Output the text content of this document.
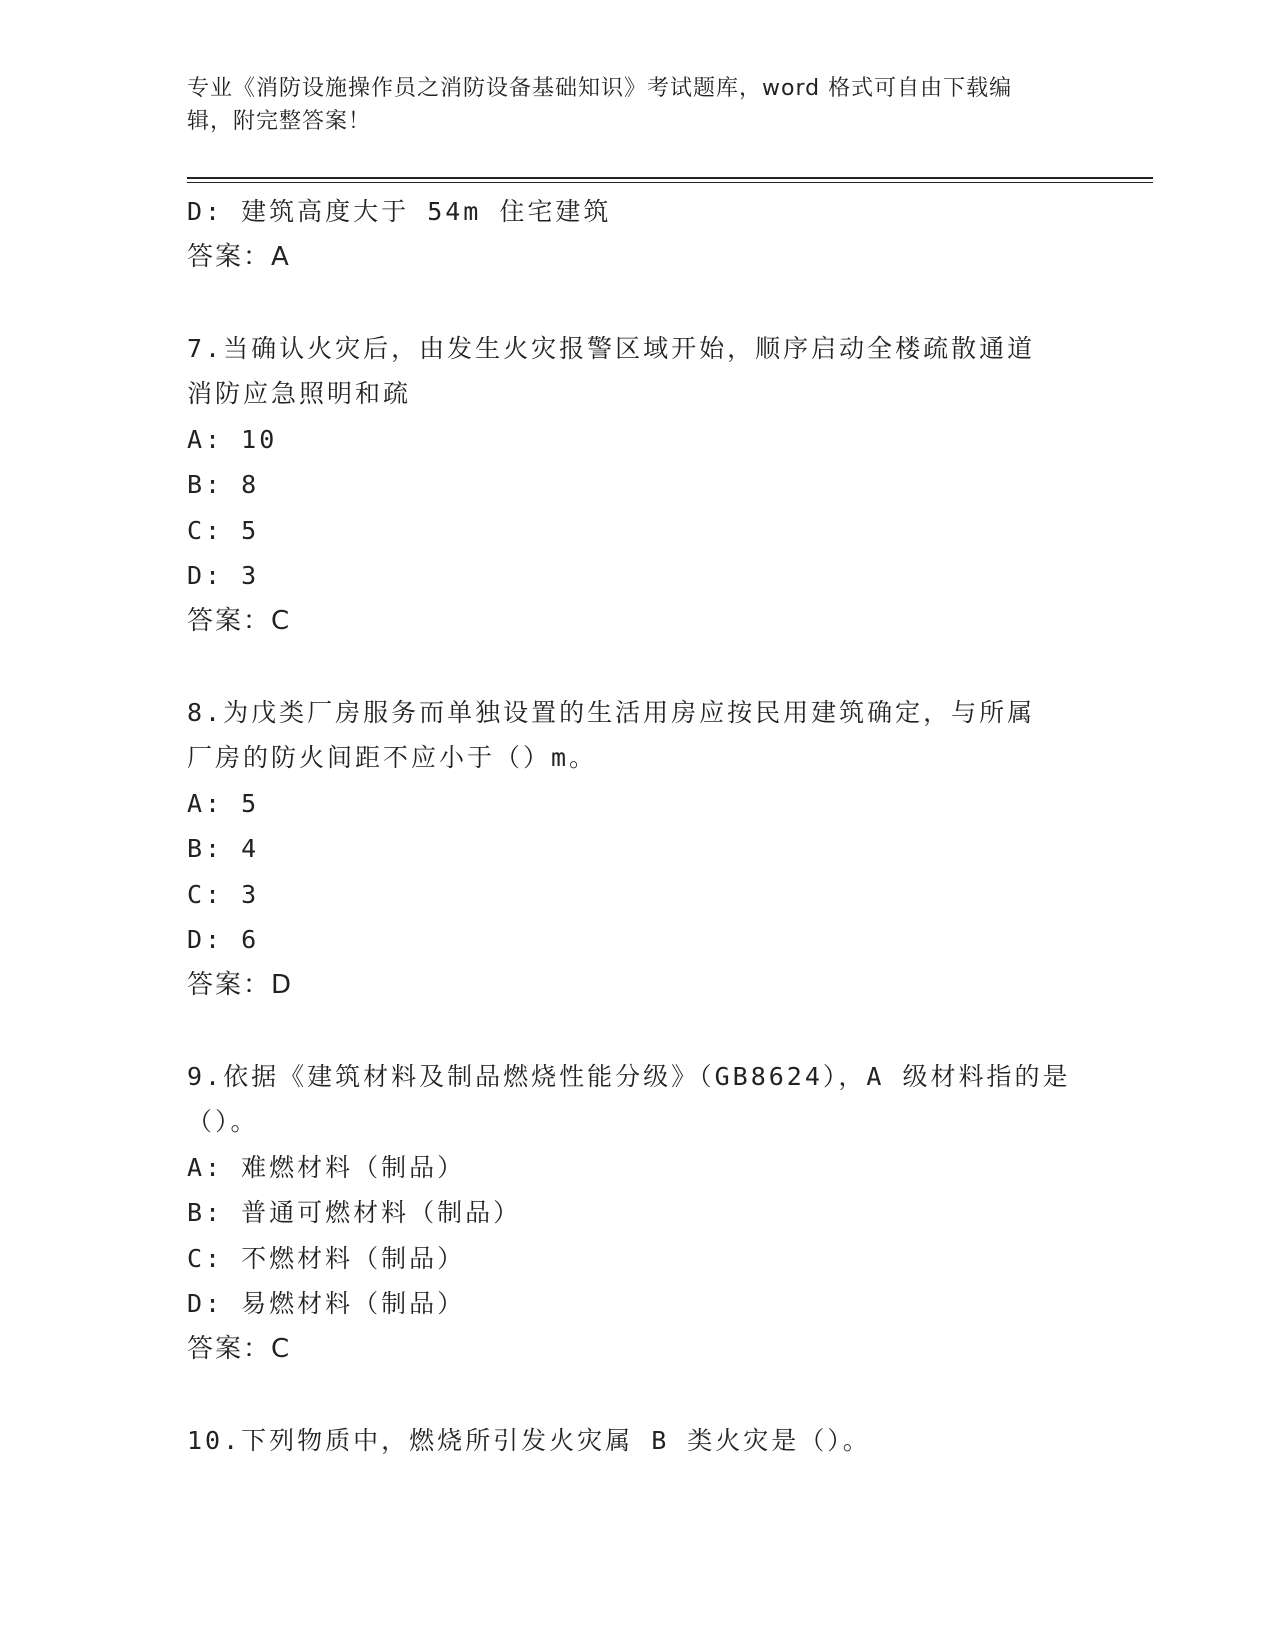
专业《消防设施操作员之消防设备基础知识》考试题库，word 格式可自由下载编
辑，附完整答案！
D: 建筑高度大于 54m 住宅建筑
答案：A
7.当确认火灾后，由发生火灾报警区域开始，顺序启动全楼疏散通道
消防应急照明和疏
A: 10
B: 8
C: 5
D: 3
答案：C
8.为戊类厂房服务而单独设置的生活用房应按民用建筑确定，与所属
厂房的防火间距不应小于（）m。
A: 5
B: 4
C: 3
D: 6
答案：D
9.依据《建筑材料及制品燃烧性能分级》（GB8624），A 级材料指的是
（）。
A: 难燃材料（制品）
B: 普通可燃材料（制品）
C: 不燃材料（制品）
D: 易燃材料（制品）
答案：C
10.下列物质中，燃烧所引发火灾属 B 类火灾是（）。
